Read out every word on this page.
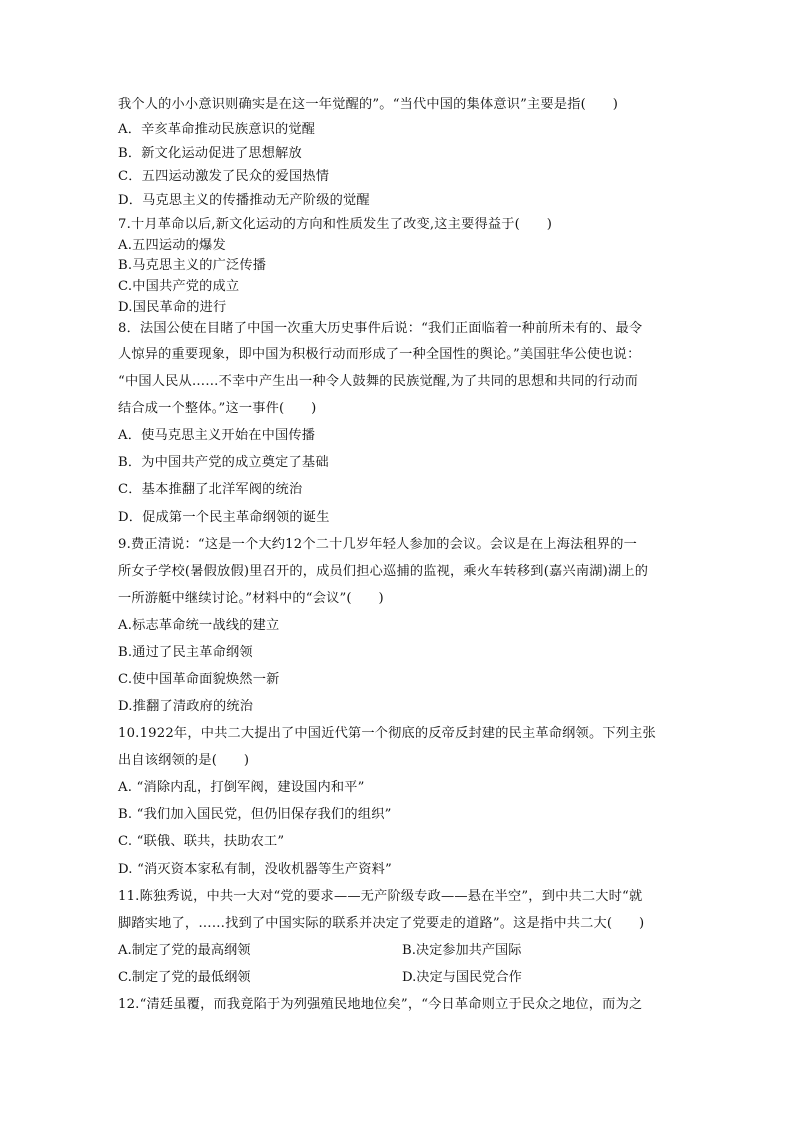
我个人的小小意识则确实是在这一年觉醒的”。“当代中国的集体意识”主要是指(　　)
A．辛亥革命推动民族意识的觉醒
B．新文化运动促进了思想解放
C．五四运动激发了民众的爱国热情
D．马克思主义的传播推动无产阶级的觉醒
7.十月革命以后,新文化运动的方向和性质发生了改变,这主要得益于(　　)
A.五四运动的爆发
B.马克思主义的广泛传播
C.中国共产党的成立
D.国民革命的进行
8．法国公使在目睹了中国一次重大历史事件后说：“我们正面临着一种前所未有的、最令
人惊异的重要现象，即中国为积极行动而形成了一种全国性的舆论。”美国驻华公使也说：
“中国人民从……不幸中产生出一种令人鼓舞的民族觉醒,为了共同的思想和共同的行动而
结合成一个整体。”这一事件(　　)
A．使马克思主义开始在中国传播
B．为中国共产党的成立奠定了基础
C．基本推翻了北洋军阀的统治
D．促成第一个民主革命纲领的诞生
9.费正清说：“这是一个大约12个二十几岁年轻人参加的会议。会议是在上海法租界的一
所女子学校(暑假放假)里召开的，成员们担心巡捕的监视，乘火车转移到(嘉兴南湖)湖上的
一所游艇中继续讨论。”材料中的“会议”(　　)
A.标志革命统一战线的建立
B.通过了民主革命纲领
C.使中国革命面貌焕然一新
D.推翻了清政府的统治
10.1922年，中共二大提出了中国近代第一个彻底的反帝反封建的民主革命纲领。下列主张
出自该纲领的是(　　)
A. “消除内乱，打倒军阀，建设国内和平”
B. “我们加入国民党，但仍旧保存我们的组织”
C. “联俄、联共，扶助农工”
D. “消灭资本家私有制，没收机器等生产资料”
11.陈独秀说，中共一大对“党的要求——无产阶级专政——悬在半空”，到中共二大时“就
脚踏实地了，……找到了中国实际的联系并决定了党要走的道路”。这是指中共二大(　　)
A.制定了党的最高纲领	B.决定参加共产国际
C.制定了党的最低纲领	D.决定与国民党合作
12.“清廷虽覆，而我竟陷于为列强殖民地地位矣”，“今日革命则立于民众之地位，而为之
